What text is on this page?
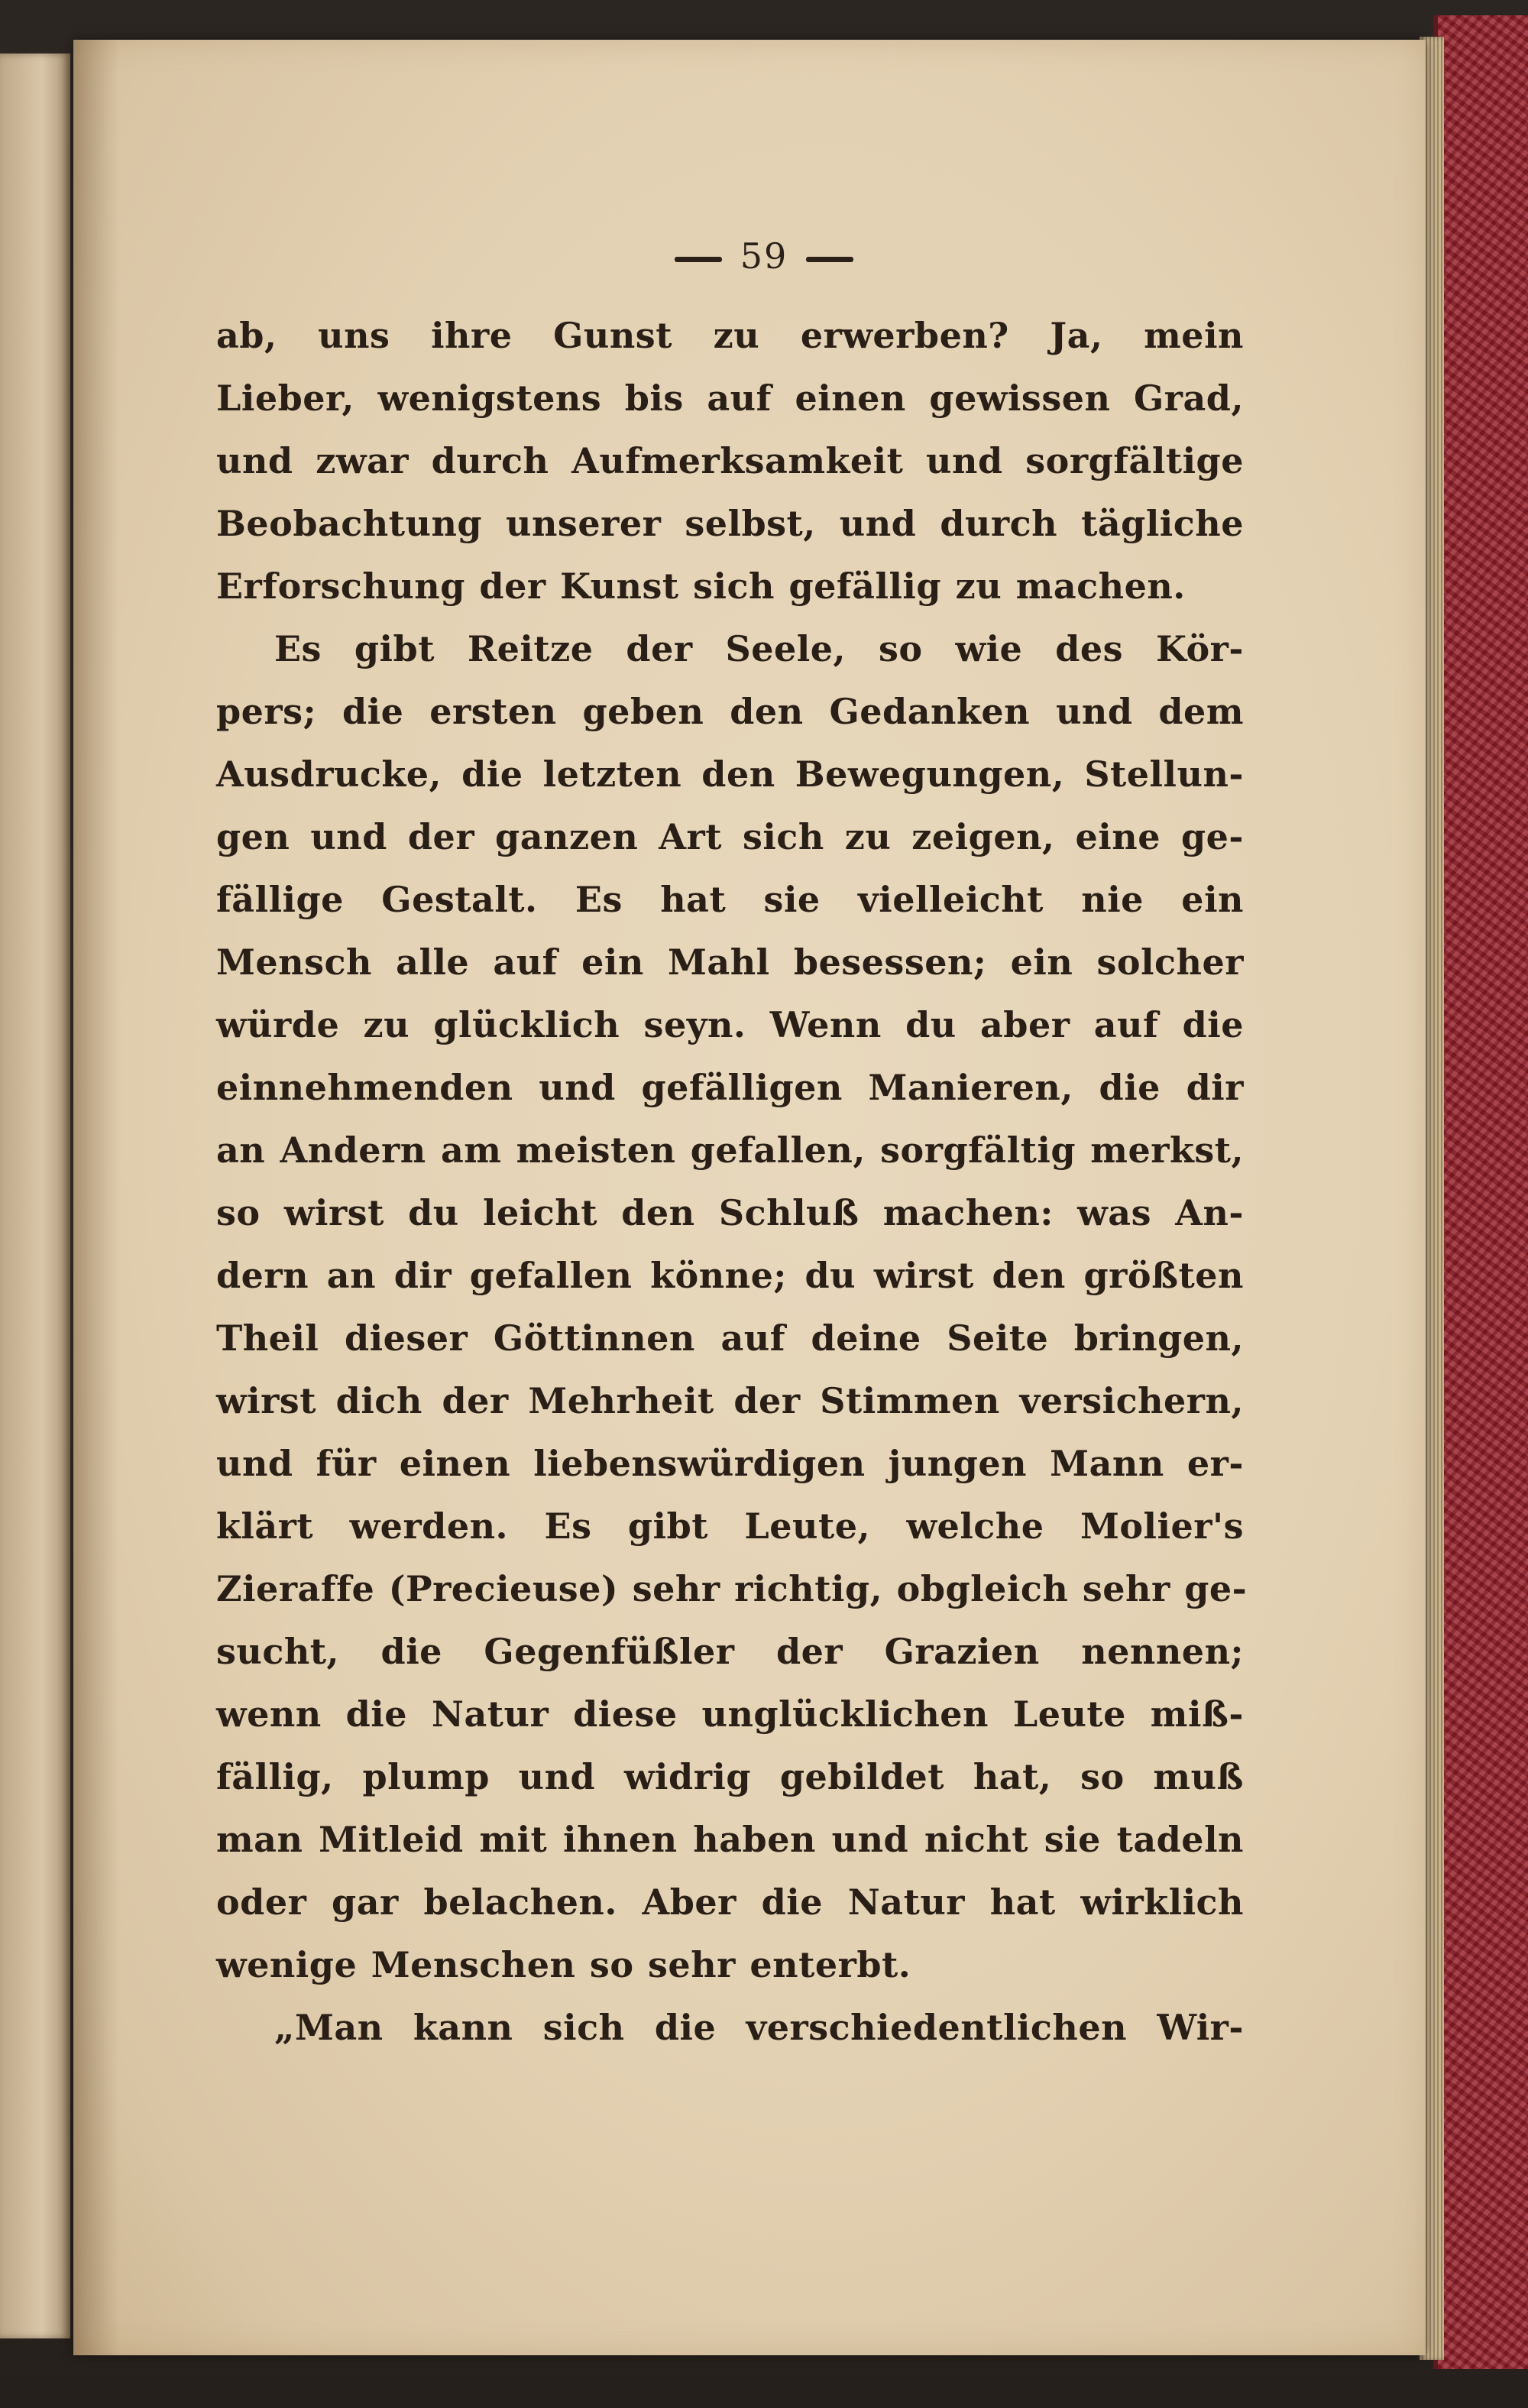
59

ab, uns ihre Gunst zu erwerben? Ja, mein

Lieber, wenigstens bis auf einen gewissen Grad,

und zwar durch Aufmerksamkeit und sorgfältige

Beobachtung unserer selbst, und durch tägliche

Erforschung der Kunst sich gefällig zu machen.

Es gibt Reitze der Seele, so wie des Kör-

pers; die ersten geben den Gedanken und dem

Ausdrucke, die letzten den Bewegungen, Stellun-

gen und der ganzen Art sich zu zeigen, eine ge-

fällige Gestalt. Es hat sie vielleicht nie ein

Mensch alle auf ein Mahl besessen; ein solcher

würde zu glücklich seyn. Wenn du aber auf die

einnehmenden und gefälligen Manieren, die dir

an Andern am meisten gefallen, sorgfältig merkst,

so wirst du leicht den Schluß machen: was An-

dern an dir gefallen könne; du wirst den größten

Theil dieser Göttinnen auf deine Seite bringen,

wirst dich der Mehrheit der Stimmen versichern,

und für einen liebenswürdigen jungen Mann er-

klärt werden. Es gibt Leute, welche Molier's

Zieraffe (Precieuse) sehr richtig, obgleich sehr ge-

sucht, die Gegenfüßler der Grazien nennen;

wenn die Natur diese unglücklichen Leute miß-

fällig, plump und widrig gebildet hat, so muß

man Mitleid mit ihnen haben und nicht sie tadeln

oder gar belachen. Aber die Natur hat wirklich

wenige Menschen so sehr enterbt.

„Man kann sich die verschiedentlichen Wir-
